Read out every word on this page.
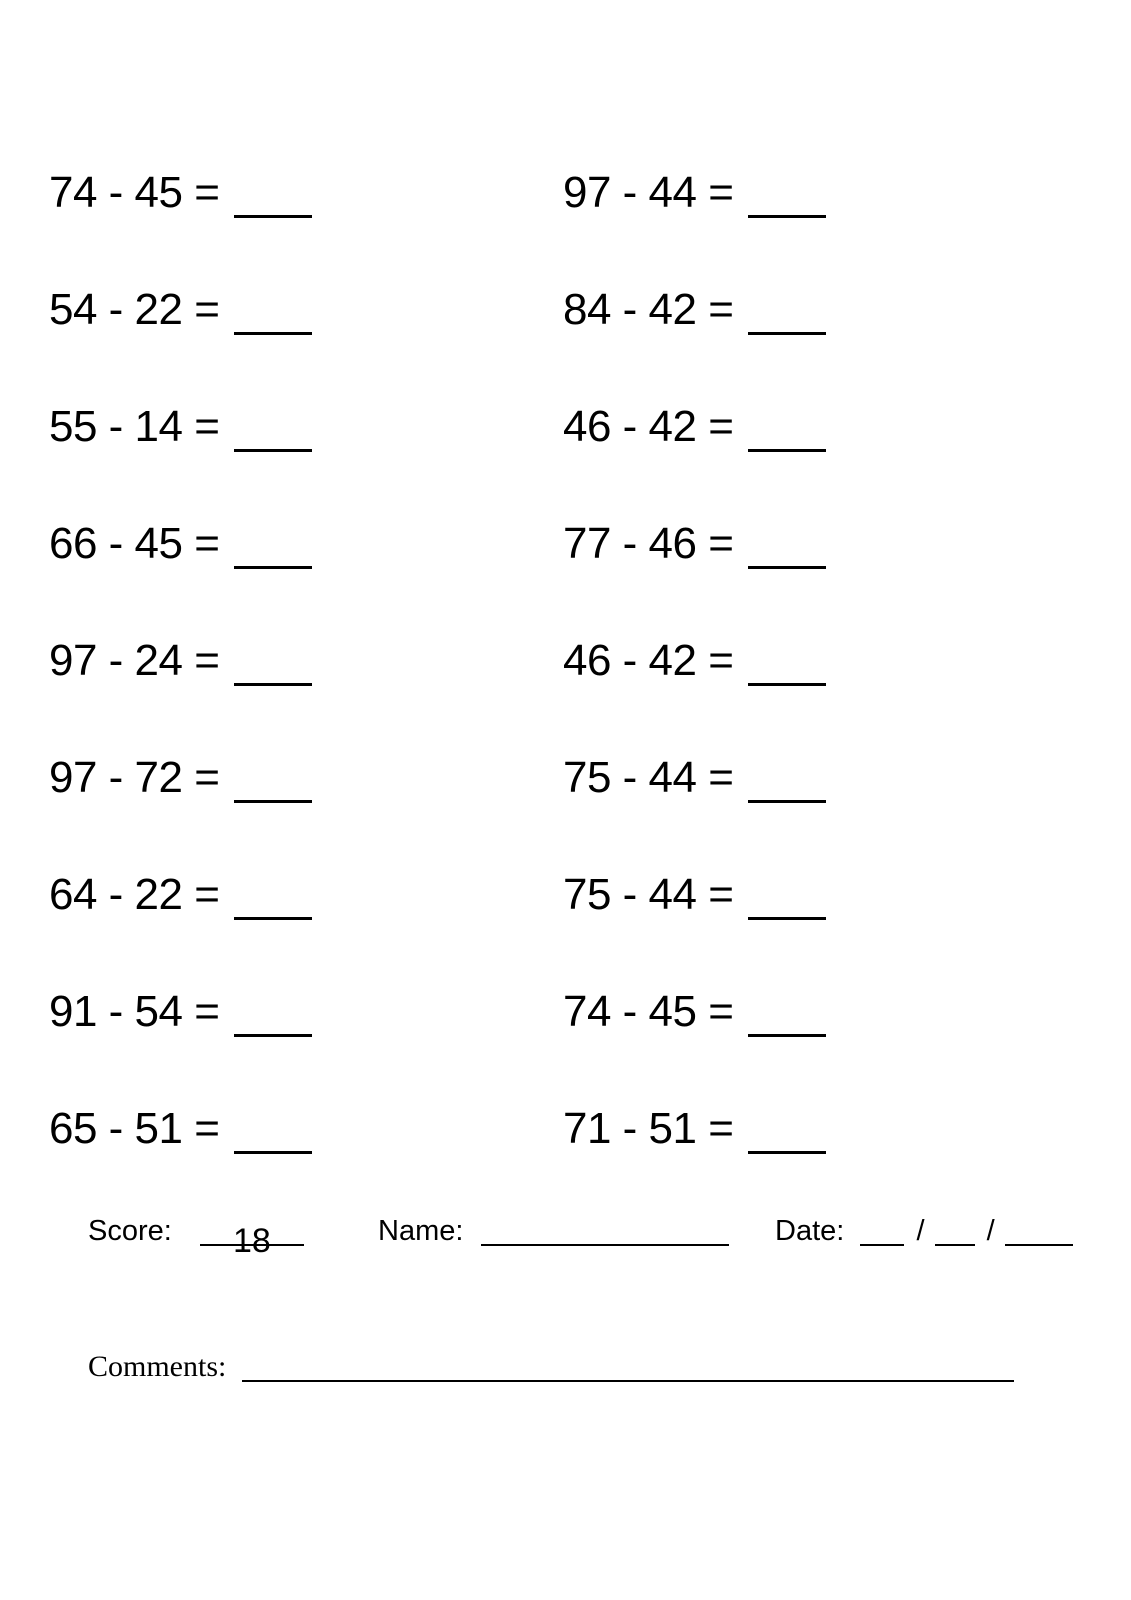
74 - 45 =
54 - 22 =
55 - 14 =
66 - 45 =
97 - 24 =
97 - 72 =
64 - 22 =
91 - 54 =
65 - 51 =
97 - 44 =
84 - 42 =
46 - 42 =
77 - 46 =
46 - 42 =
75 - 44 =
75 - 44 =
74 - 45 =
71 - 51 =
Score:	18	Name:	Date: / /
Comments:
